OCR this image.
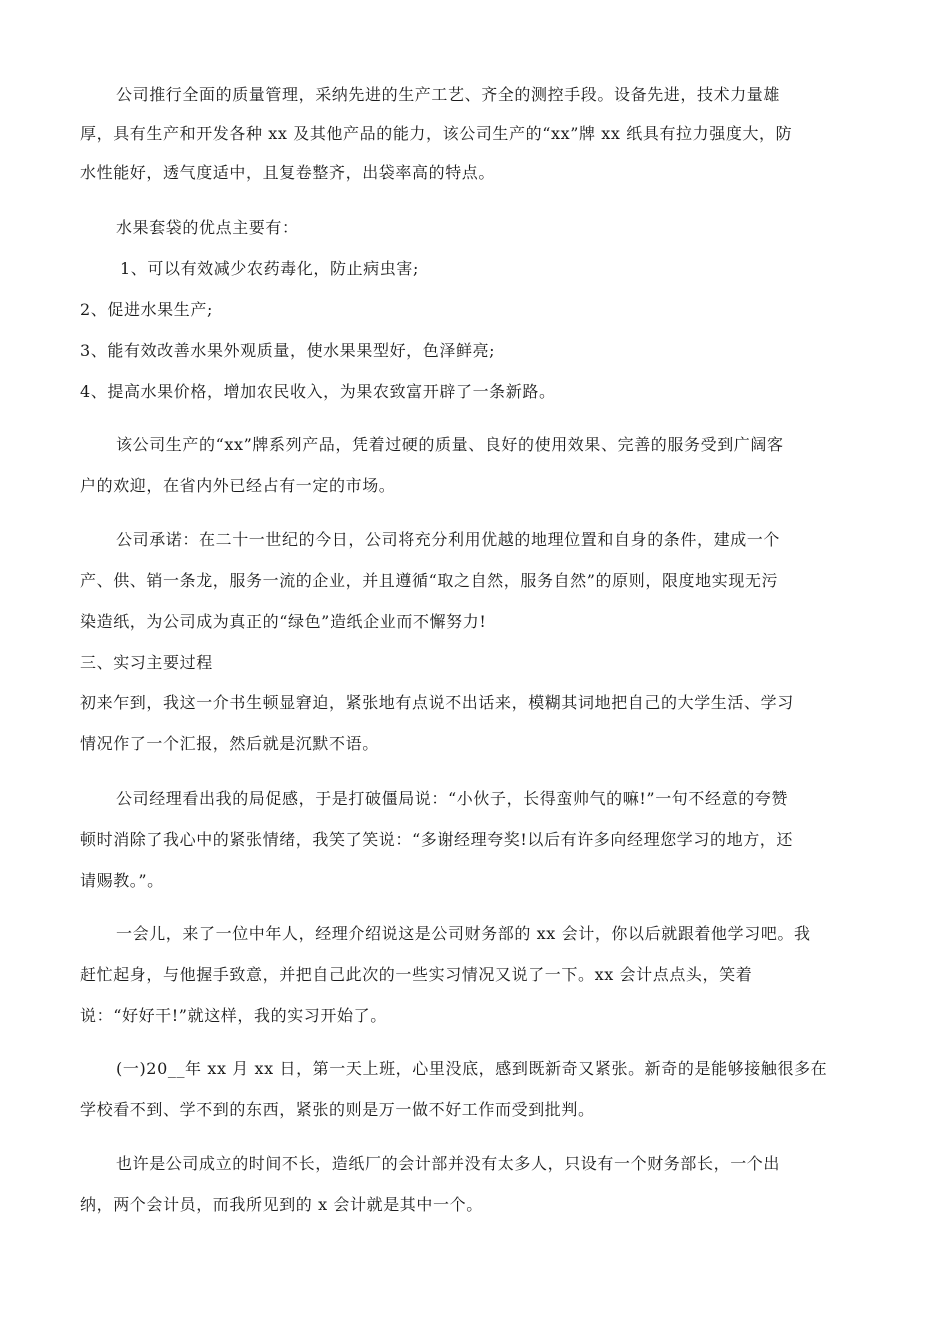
公司推行全面的质量管理，采纳先进的生产工艺、齐全的测控手段。设备先进，技术力量雄
厚，具有生产和开发各种 xx 及其他产品的能力，该公司生产的“xx”牌 xx 纸具有拉力强度大，防
水性能好，透气度适中，且复卷整齐，出袋率高的特点。
水果套袋的优点主要有：
1、可以有效减少农药毒化，防止病虫害;
2、促进水果生产;
3、能有效改善水果外观质量，使水果果型好，色泽鲜亮;
4、提高水果价格，增加农民收入，为果农致富开辟了一条新路。
该公司生产的“xx”牌系列产品，凭着过硬的质量、良好的使用效果、完善的服务受到广阔客
户的欢迎，在省内外已经占有一定的市场。
公司承诺：在二十一世纪的今日，公司将充分利用优越的地理位置和自身的条件，建成一个
产、供、销一条龙，服务一流的企业，并且遵循“取之自然，服务自然”的原则，限度地实现无污
染造纸，为公司成为真正的“绿色”造纸企业而不懈努力!
三、实习主要过程
初来乍到，我这一介书生顿显窘迫，紧张地有点说不出话来，模糊其词地把自己的大学生活、学习
情况作了一个汇报，然后就是沉默不语。
公司经理看出我的局促感，于是打破僵局说：“小伙子，长得蛮帅气的嘛!”一句不经意的夸赞
顿时消除了我心中的紧张情绪，我笑了笑说：“多谢经理夸奖!以后有许多向经理您学习的地方，还
请赐教。”。
一会儿，来了一位中年人，经理介绍说这是公司财务部的 xx 会计，你以后就跟着他学习吧。我
赶忙起身，与他握手致意，并把自己此次的一些实习情况又说了一下。xx 会计点点头，笑着
说：“好好干!”就这样，我的实习开始了。
(一)20__年 xx 月 xx 日，第一天上班，心里没底，感到既新奇又紧张。新奇的是能够接触很多在
学校看不到、学不到的东西，紧张的则是万一做不好工作而受到批判。
也许是公司成立的时间不长，造纸厂的会计部并没有太多人，只设有一个财务部长，一个出
纳，两个会计员，而我所见到的 x 会计就是其中一个。
